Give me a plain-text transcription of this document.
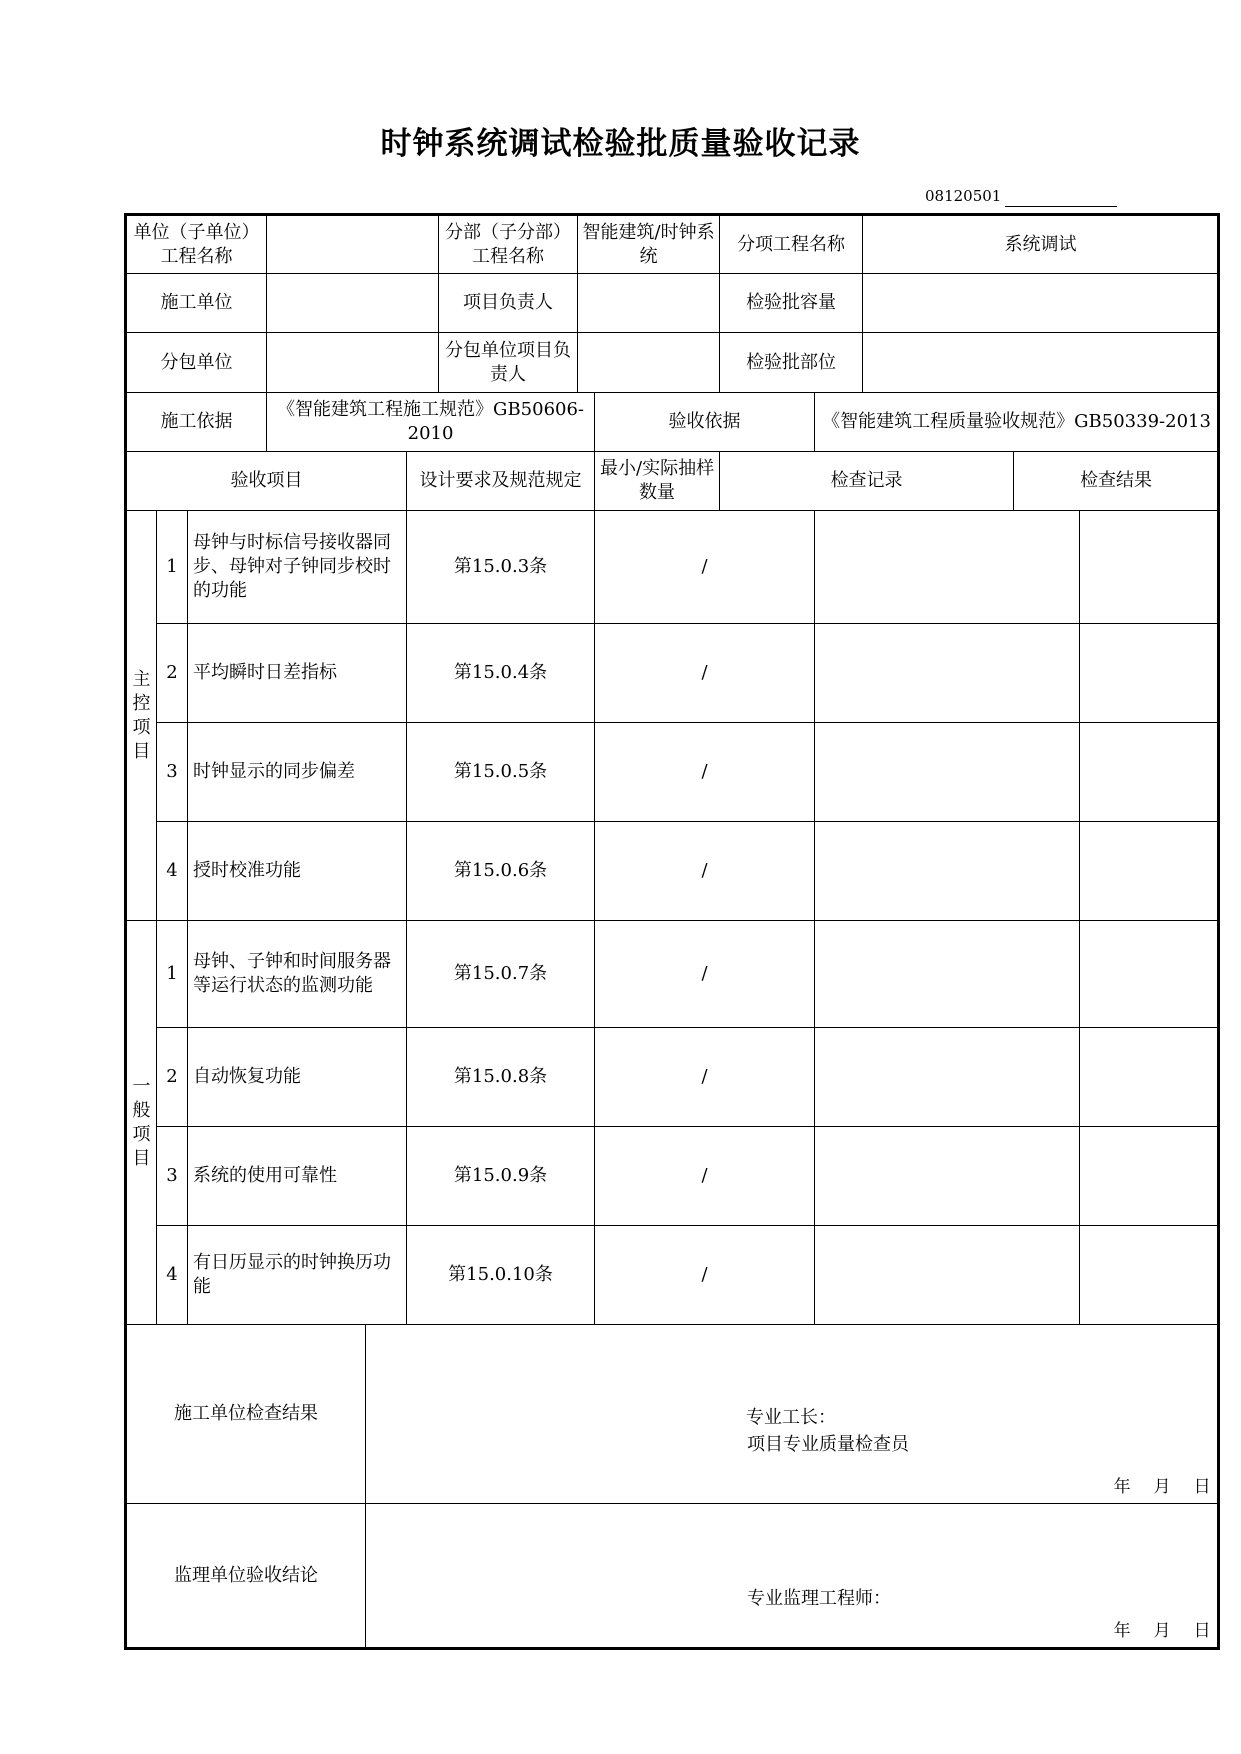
时钟系统调试检验批质量验收记录
08120501
单位（子单位）工程名称						分部（子分部）工程名称	智能建筑/时钟系统		分项工程名称		系统调试		
施工单位						项目负责人			检验批容量				
分包单位						分包单位项目负责人			检验批部位				
施工依据			《智能建筑工程施工规范》GB50606-2010					验收依据		《智能建筑工程质量验收规范》GB50339-2013			
验收项目					设计要求及规范规定			最小/实际抽样数量	检查记录			检查结果	
主控项目	1	母钟与时标信号接收器同步、母钟对子钟同步校时的功能			第15.0.3条			/					
	2	平均瞬时日差指标			第15.0.4条			/					
	3	时钟显示的同步偏差			第15.0.5条			/					
	4	授时校准功能			第15.0.6条			/					
一般项目	1	母钟、子钟和时间服务器等运行状态的监测功能			第15.0.7条			/					
	2	自动恢复功能			第15.0.8条			/					
	3	系统的使用可靠性			第15.0.9条			/					
	4	有日历显示的时钟换历功能			第15.0.10条			/					
施工单位检查结果				专业工长：
项目专业质量检查员
年 月 日									

监理单位验收结论				专业监理工程师：
年 月 日									
